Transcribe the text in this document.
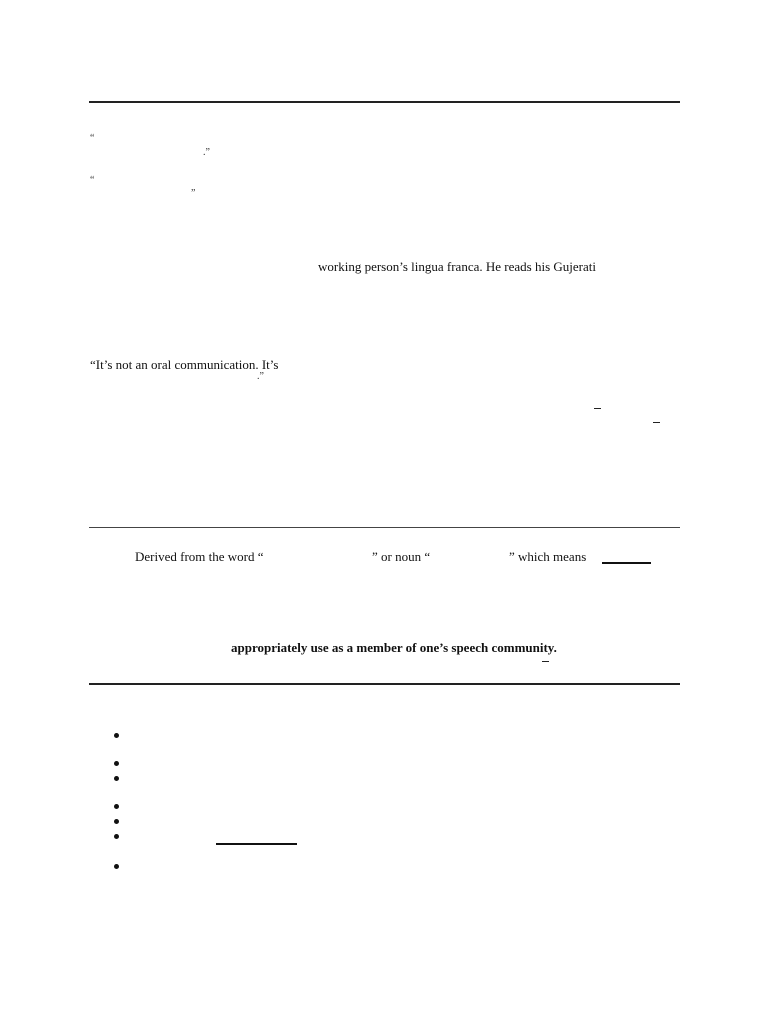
“
.”
“
”
working person’s lingua franca. He reads his Gujerati
“It’s not an oral communication. It’s
.”
Derived from the word “	” or noun “	” which means
appropriately use as a member of one’s speech community.
